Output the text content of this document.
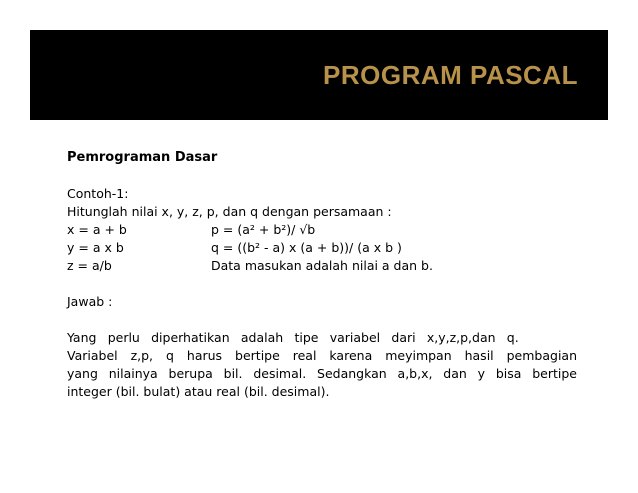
PROGRAM PASCAL
Pemrograman Dasar
Contoh-1:
Hitunglah nilai x, y, z, p, dan q dengan persamaan :
x = a + b	p = (a² + b²)/ √b
y = a x b	q = ((b² - a) x (a + b))/ (a x b )
z = a/b	Data masukan adalah nilai a dan b.
Jawab :
Yang perlu diperhatikan adalah tipe variabel dari x,y,z,p,dan q.
Variabel z,p, q harus bertipe real karena meyimpan hasil pembagian
yang nilainya berupa bil. desimal. Sedangkan a,b,x, dan y bisa bertipe
integer (bil. bulat) atau real (bil. desimal).
